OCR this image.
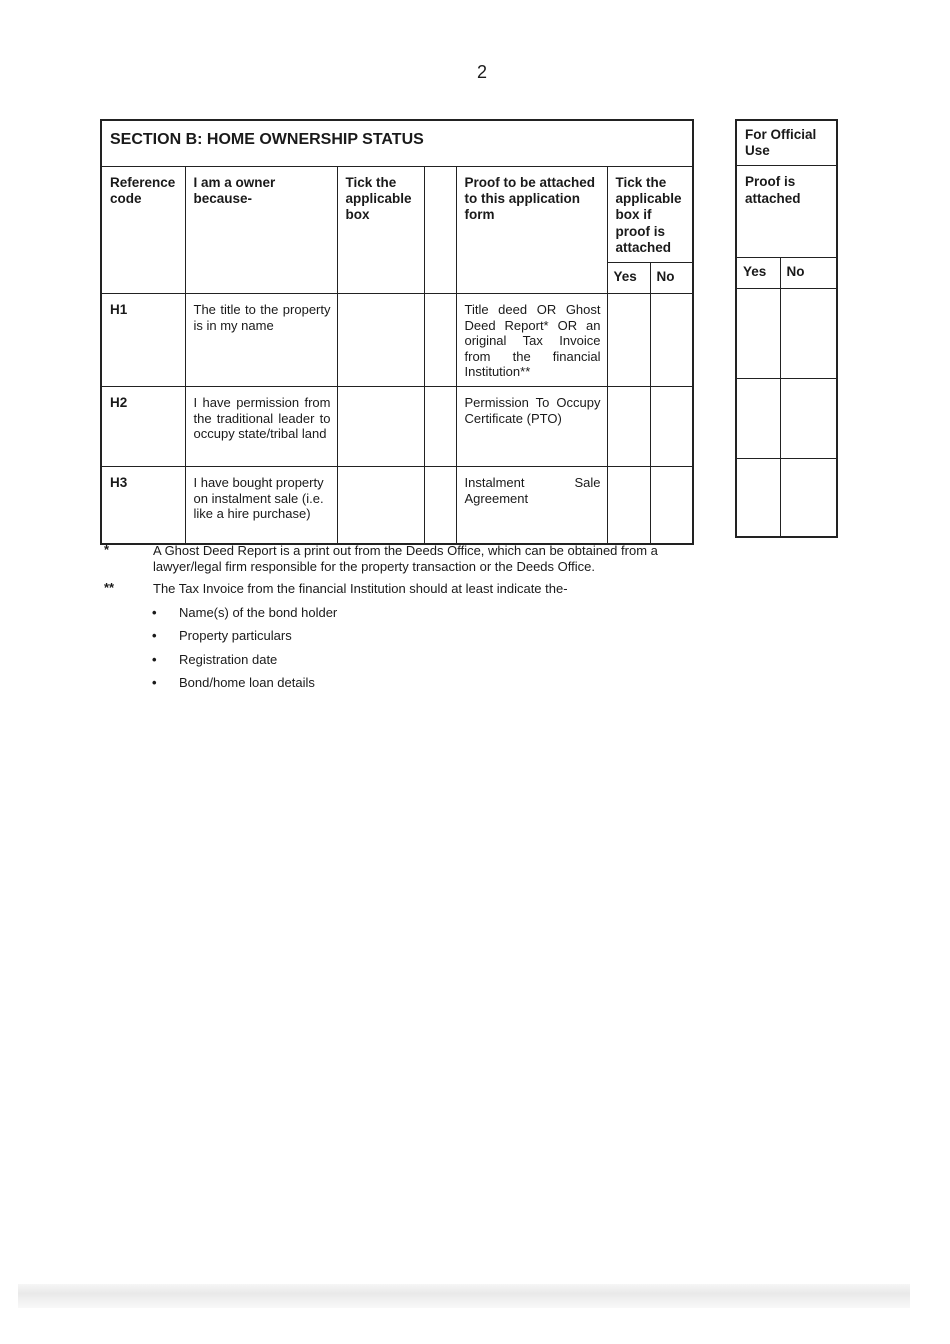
2
SECTION B: HOME OWNERSHIP STATUS						
Reference code	I am a owner because-	Tick the applicable box		Proof to be attached to this application form	Tick the applicable box if proof is attached	
					Yes	No
H1	The title to the property is in my name			Title deed OR Ghost Deed Report* OR an original Tax Invoice from the financial Institution**		
H2	I have permission from the traditional leader to occupy state/tribal land			Permission To Occupy Certificate (PTO)		
H3	I have bought property on instalment sale (i.e. like a hire purchase)			Instalment Sale Agreement		
For Official Use	
Proof is attached	
Yes	No

*	A Ghost Deed Report is a print out from the Deeds Office, which can be obtained from a lawyer/legal firm responsible for the property transaction or the Deeds Office.
**	The Tax Invoice from the financial Institution should at least indicate the-
• Name(s) of the bond holder
• Property particulars
• Registration date
• Bond/home loan details
